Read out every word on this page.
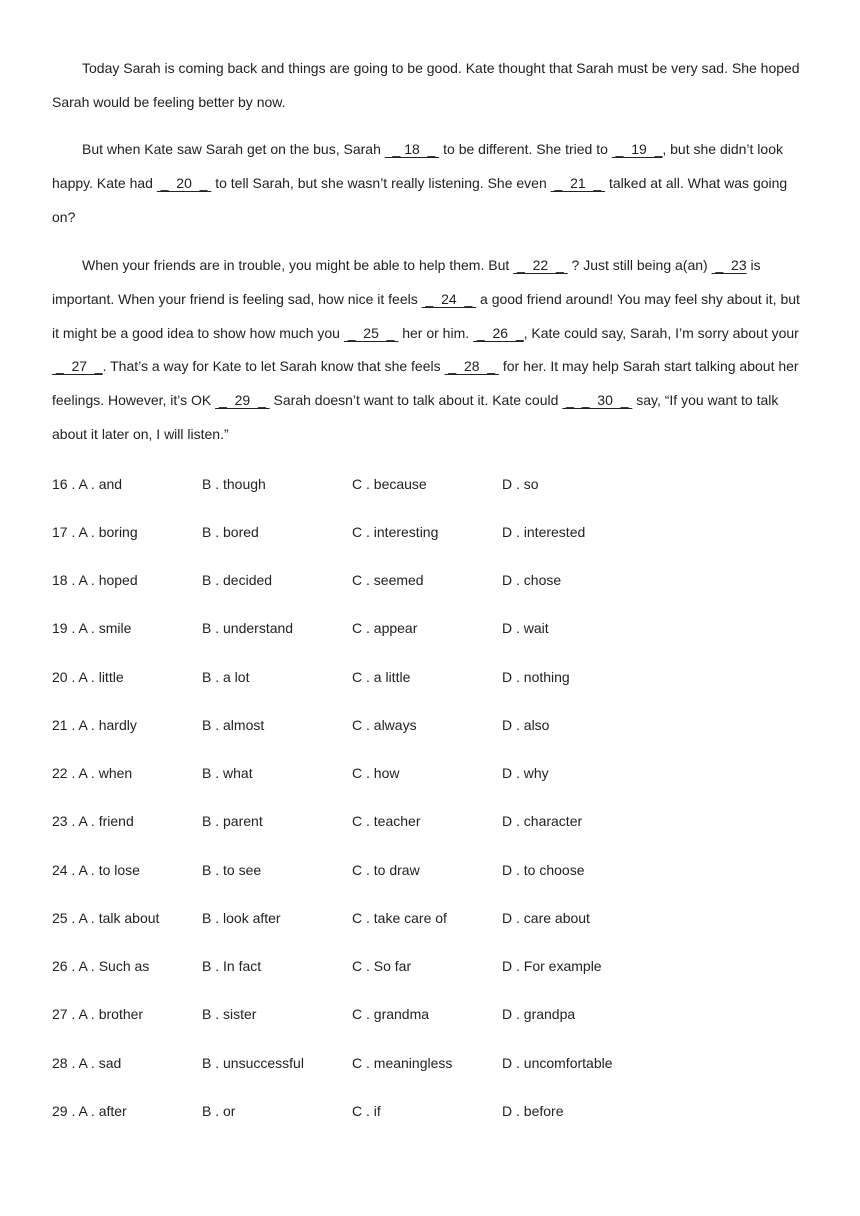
Today Sarah is coming back and things are going to be good. Kate thought that Sarah must be very sad. She hoped Sarah would be feeling better by now.

But when Kate saw Sarah get on the bus, Sarah   _ 18  _  to be different. She tried to  _  19  _, but she didn’t look happy. Kate had  _  20  _  to tell Sarah, but she wasn’t really listening. She even  _  21  _  talked at all. What was going on?

When your friends are in trouble, you might be able to help them. But  _  22  _  ? Just still being a(an)  _  23 is important. When your friend is feeling sad, how nice it feels  _  24  _  a good friend around! You may feel shy about it, but it might be a good idea to show how much you  _  25  _  her or him.  _  26  _, Kate could say, Sarah, I’m sorry about your  _  27  _. That’s a way for Kate to let Sarah know that she feels  _  28  _  for her. It may help Sarah start talking about her feelings. However, it’s OK  _  29  _  Sarah doesn’t want to talk about it. Kate could  _  _  30  _  say, “If you want to talk about it later on, I will listen.”

16 . A . and	B . though	C . because	D . so
17 . A . boring	B . bored	C . interesting	D . interested
18 . A . hoped	B . decided	C . seemed	D . chose
19 . A . smile	B . understand	C . appear	D . wait
20 . A . little	B . a lot	C . a little	D . nothing
21 . A . hardly	B . almost	C . always	D . also
22 . A . when	B . what	C . how	D . why
23 . A . friend	B . parent	C . teacher	D . character
24 . A . to lose	B . to see	C . to draw	D . to choose
25 . A . talk about	B . look after	C . take care of	D . care about
26 . A . Such as	B . In fact	C . So far	D . For example
27 . A . brother	B . sister	C . grandma	D . grandpa
28 . A . sad	B . unsuccessful	C . meaningless	D . uncomfortable
29 . A . after	B . or	C . if	D . before
